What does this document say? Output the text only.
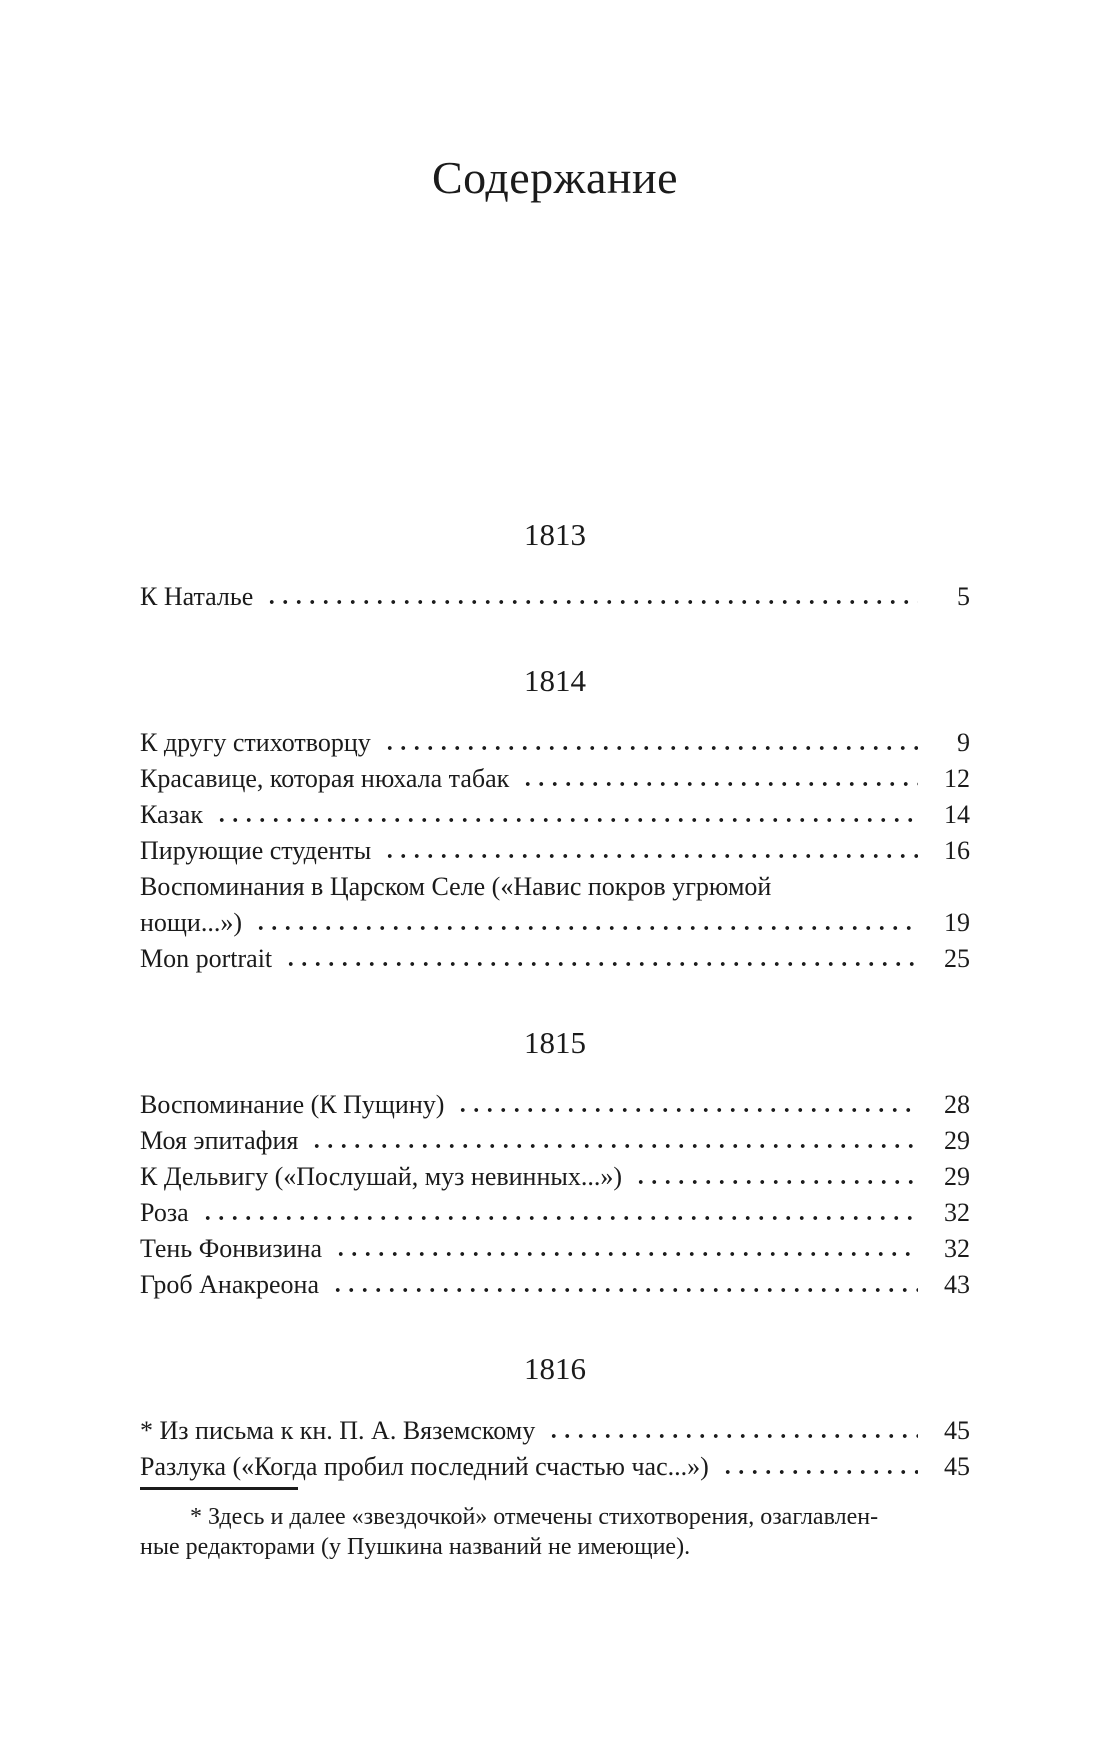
Содержание
1813
К Наталье	5
1814
К другу стихотворцу	9
Красавице, которая нюхала табак	12
Казак	14
Пирующие студенты	16
Воспоминания в Царском Селе («Навис покров угрюмой
нощи...»)	19
Mon portrait	25
1815
Воспоминание (К Пущину)	28
Моя эпитафия	29
К Дельвигу («Послушай, муз невинных...»)	29
Роза	32
Тень Фонвизина	32
Гроб Анакреона	43
1816
* Из письма к кн. П. А. Вяземскому	45
Разлука («Когда пробил последний счастью час...»)	45
* Здесь и далее «звездочкой» отмечены стихотворения, озаглавлен-
ные редакторами (у Пушкина названий не имеющие).
